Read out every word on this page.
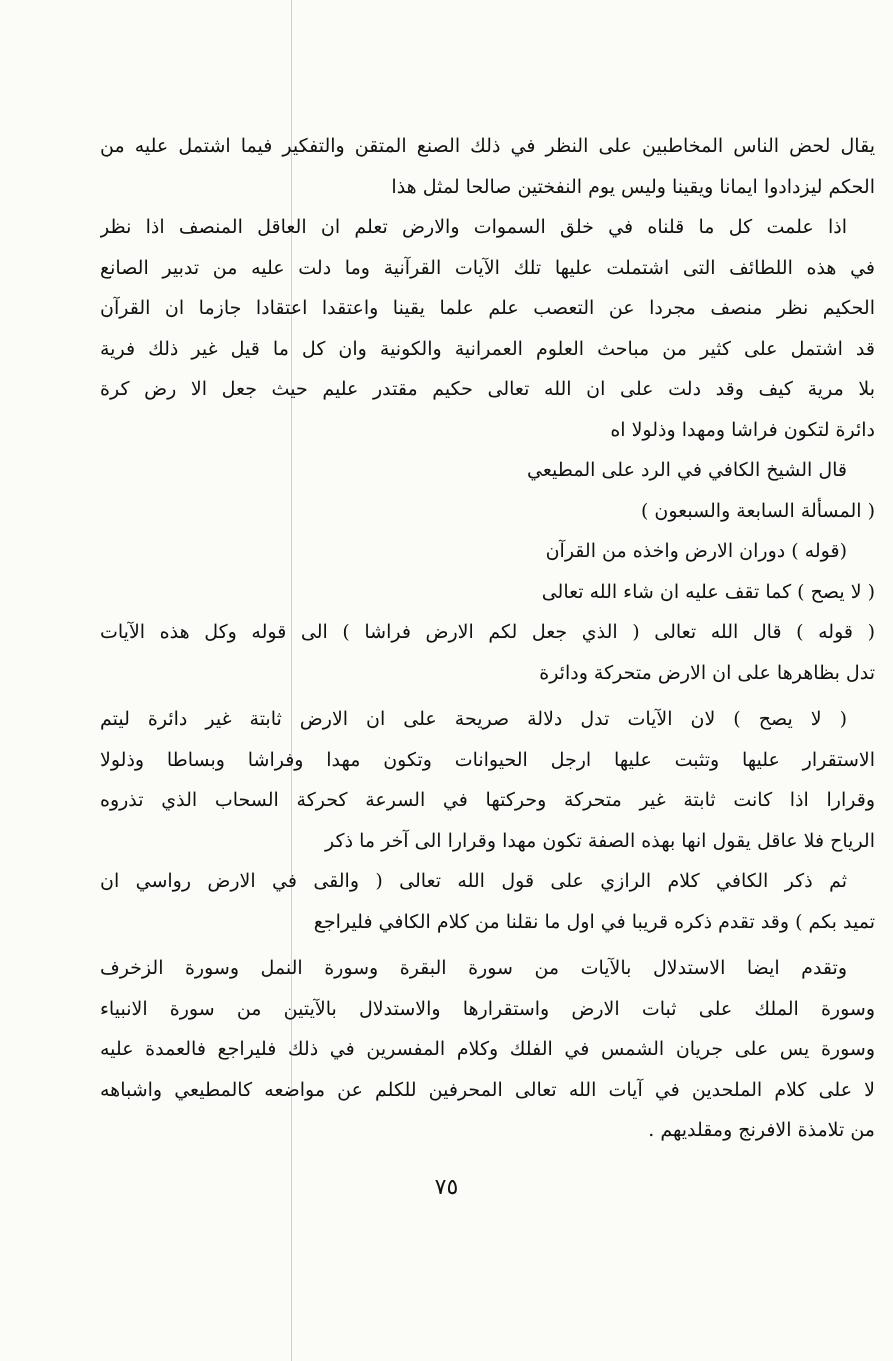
يقال لحض الناس المخاطبين على النظر في ذلك الصنع المتقن والتفكير فيما اشتمل عليه من
الحكم ليزدادوا ايمانا ويقينا وليس يوم النفختين صالحا لمثل هذا
اذا علمت كل ما قلناه في خلق السموات والارض تعلم ان العاقل المنصف اذا نظر
في هذه اللطائف التى اشتملت عليها تلك الآيات القرآنية وما دلت عليه من تدبير الصانع
الحكيم نظر منصف مجردا عن التعصب علم علما يقينا واعتقدا اعتقادا جازما ان القرآن
قد اشتمل على كثير من مباحث العلوم العمرانية والكونية وان كل ما قيل غير ذلك فرية
بلا مرية كيف وقد دلت على ان الله تعالى حكيم مقتدر عليم حيث جعل الا رض كرة
دائرة لتكون فراشا ومهدا وذلولا اه
قال الشيخ الكافي في الرد على المطيعي
( المسألة السابعة والسبعون )
(قوله ) دوران الارض واخذه من القرآن
( لا يصح ) كما تقف عليه ان شاء الله تعالى
( قوله ) قال الله تعالى ( الذي جعل لكم الارض فراشا ) الى قوله وكل هذه الآيات
تدل بظاهرها على ان الارض متحركة ودائرة
( لا يصح ) لان الآيات تدل دلالة صريحة على ان الارض ثابتة غير دائرة ليتم
الاستقرار عليها وتثبت عليها ارجل الحيوانات وتكون مهدا وفراشا وبساطا وذلولا
وقرارا اذا كانت ثابتة غير متحركة وحركتها في السرعة كحركة السحاب الذي تذروه
الرياح فلا عاقل يقول انها بهذه الصفة تكون مهدا وقرارا الى آخر ما ذكر
ثم ذكر الكافي كلام الرازي على قول الله تعالى ( والقى في الارض رواسي ان
تميد بكم ) وقد تقدم ذكره قريبا في اول ما نقلنا من كلام الكافي فليراجع
وتقدم ايضا الاستدلال بالآيات من سورة البقرة وسورة النمل وسورة الزخرف
وسورة الملك على ثبات الارض واستقرارها والاستدلال بالآيتين من سورة الانبياء
وسورة يس على جريان الشمس في الفلك وكلام المفسرين في ذلك فليراجع فالعمدة عليه
لا على كلام الملحدين في آيات الله تعالى المحرفين للكلم عن مواضعه كالمطيعي واشباهه
من تلامذة الافرنج ومقلديهم .
٧٥
